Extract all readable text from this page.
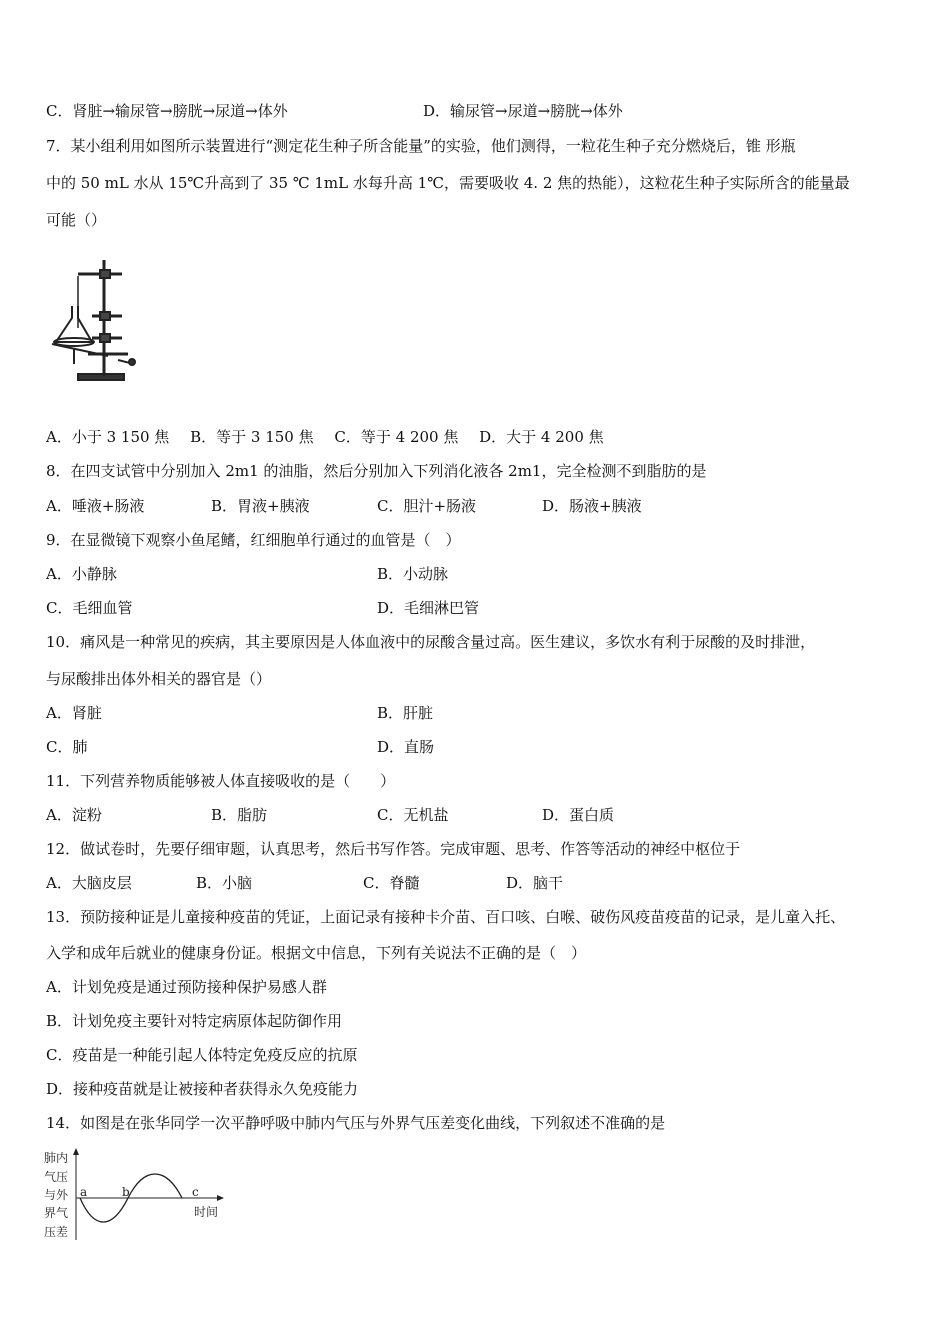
C．肾脏→输尿管→膀胱→尿道→体外	D．输尿管→尿道→膀胱→体外
7．某小组利用如图所示装置进行“测定花生种子所含能量”的实验，他们测得，一粒花生种子充分燃烧后，锥 形瓶
中的 50 mL 水从 15℃升高到了 35 ℃ 1mL 水每升高 1℃，需要吸收 4. 2 焦的热能），这粒花生种子实际所含的能量最
可能（）
A．小于 3 150 焦 B．等于 3 150 焦 C．等于 4 200 焦 D．大于 4 200 焦
8．在四支试管中分别加入 2m1 的油脂，然后分别加入下列消化液各 2m1，完全检测不到脂肪的是
A．唾液+肠液	B．胃液+胰液	C．胆汁+肠液	D．肠液+胰液
9．在显微镜下观察小鱼尾鳍，红细胞单行通过的血管是（　）
A．小静脉	B．小动脉
C．毛细血管	D．毛细淋巴管
10．痛风是一种常见的疾病，其主要原因是人体血液中的尿酸含量过高。医生建议，多饮水有利于尿酸的及时排泄，
与尿酸排出体外相关的器官是（）
A．肾脏	B．肝脏
C．肺	D．直肠
11．下列营养物质能够被人体直接吸收的是（　　）
A．淀粉	B．脂肪	C．无机盐	D．蛋白质
12．做试卷时，先要仔细审题，认真思考，然后书写作答。完成审题、思考、作答等活动的神经中枢位于
A．大脑皮层	B．小脑	C．脊髓	D．脑干
13．预防接种证是儿童接种疫苗的凭证，上面记录有接种卡介苗、百口咳、白喉、破伤风疫苗疫苗的记录，是儿童入托、
入学和成年后就业的健康身份证。根据文中信息，下列有关说法不正确的是（　）
A．计划免疫是通过预防接种保护易感人群
B．计划免疫主要针对特定病原体起防御作用
C．疫苗是一种能引起人体特定免疫反应的抗原
D．接种疫苗就是让被接种者获得永久免疫能力
14．如图是在张华同学一次平静呼吸中肺内气压与外界气压差变化曲线，下列叙述不准确的是
肺内
气压
与外
界气
压差
a	b	c
时间
